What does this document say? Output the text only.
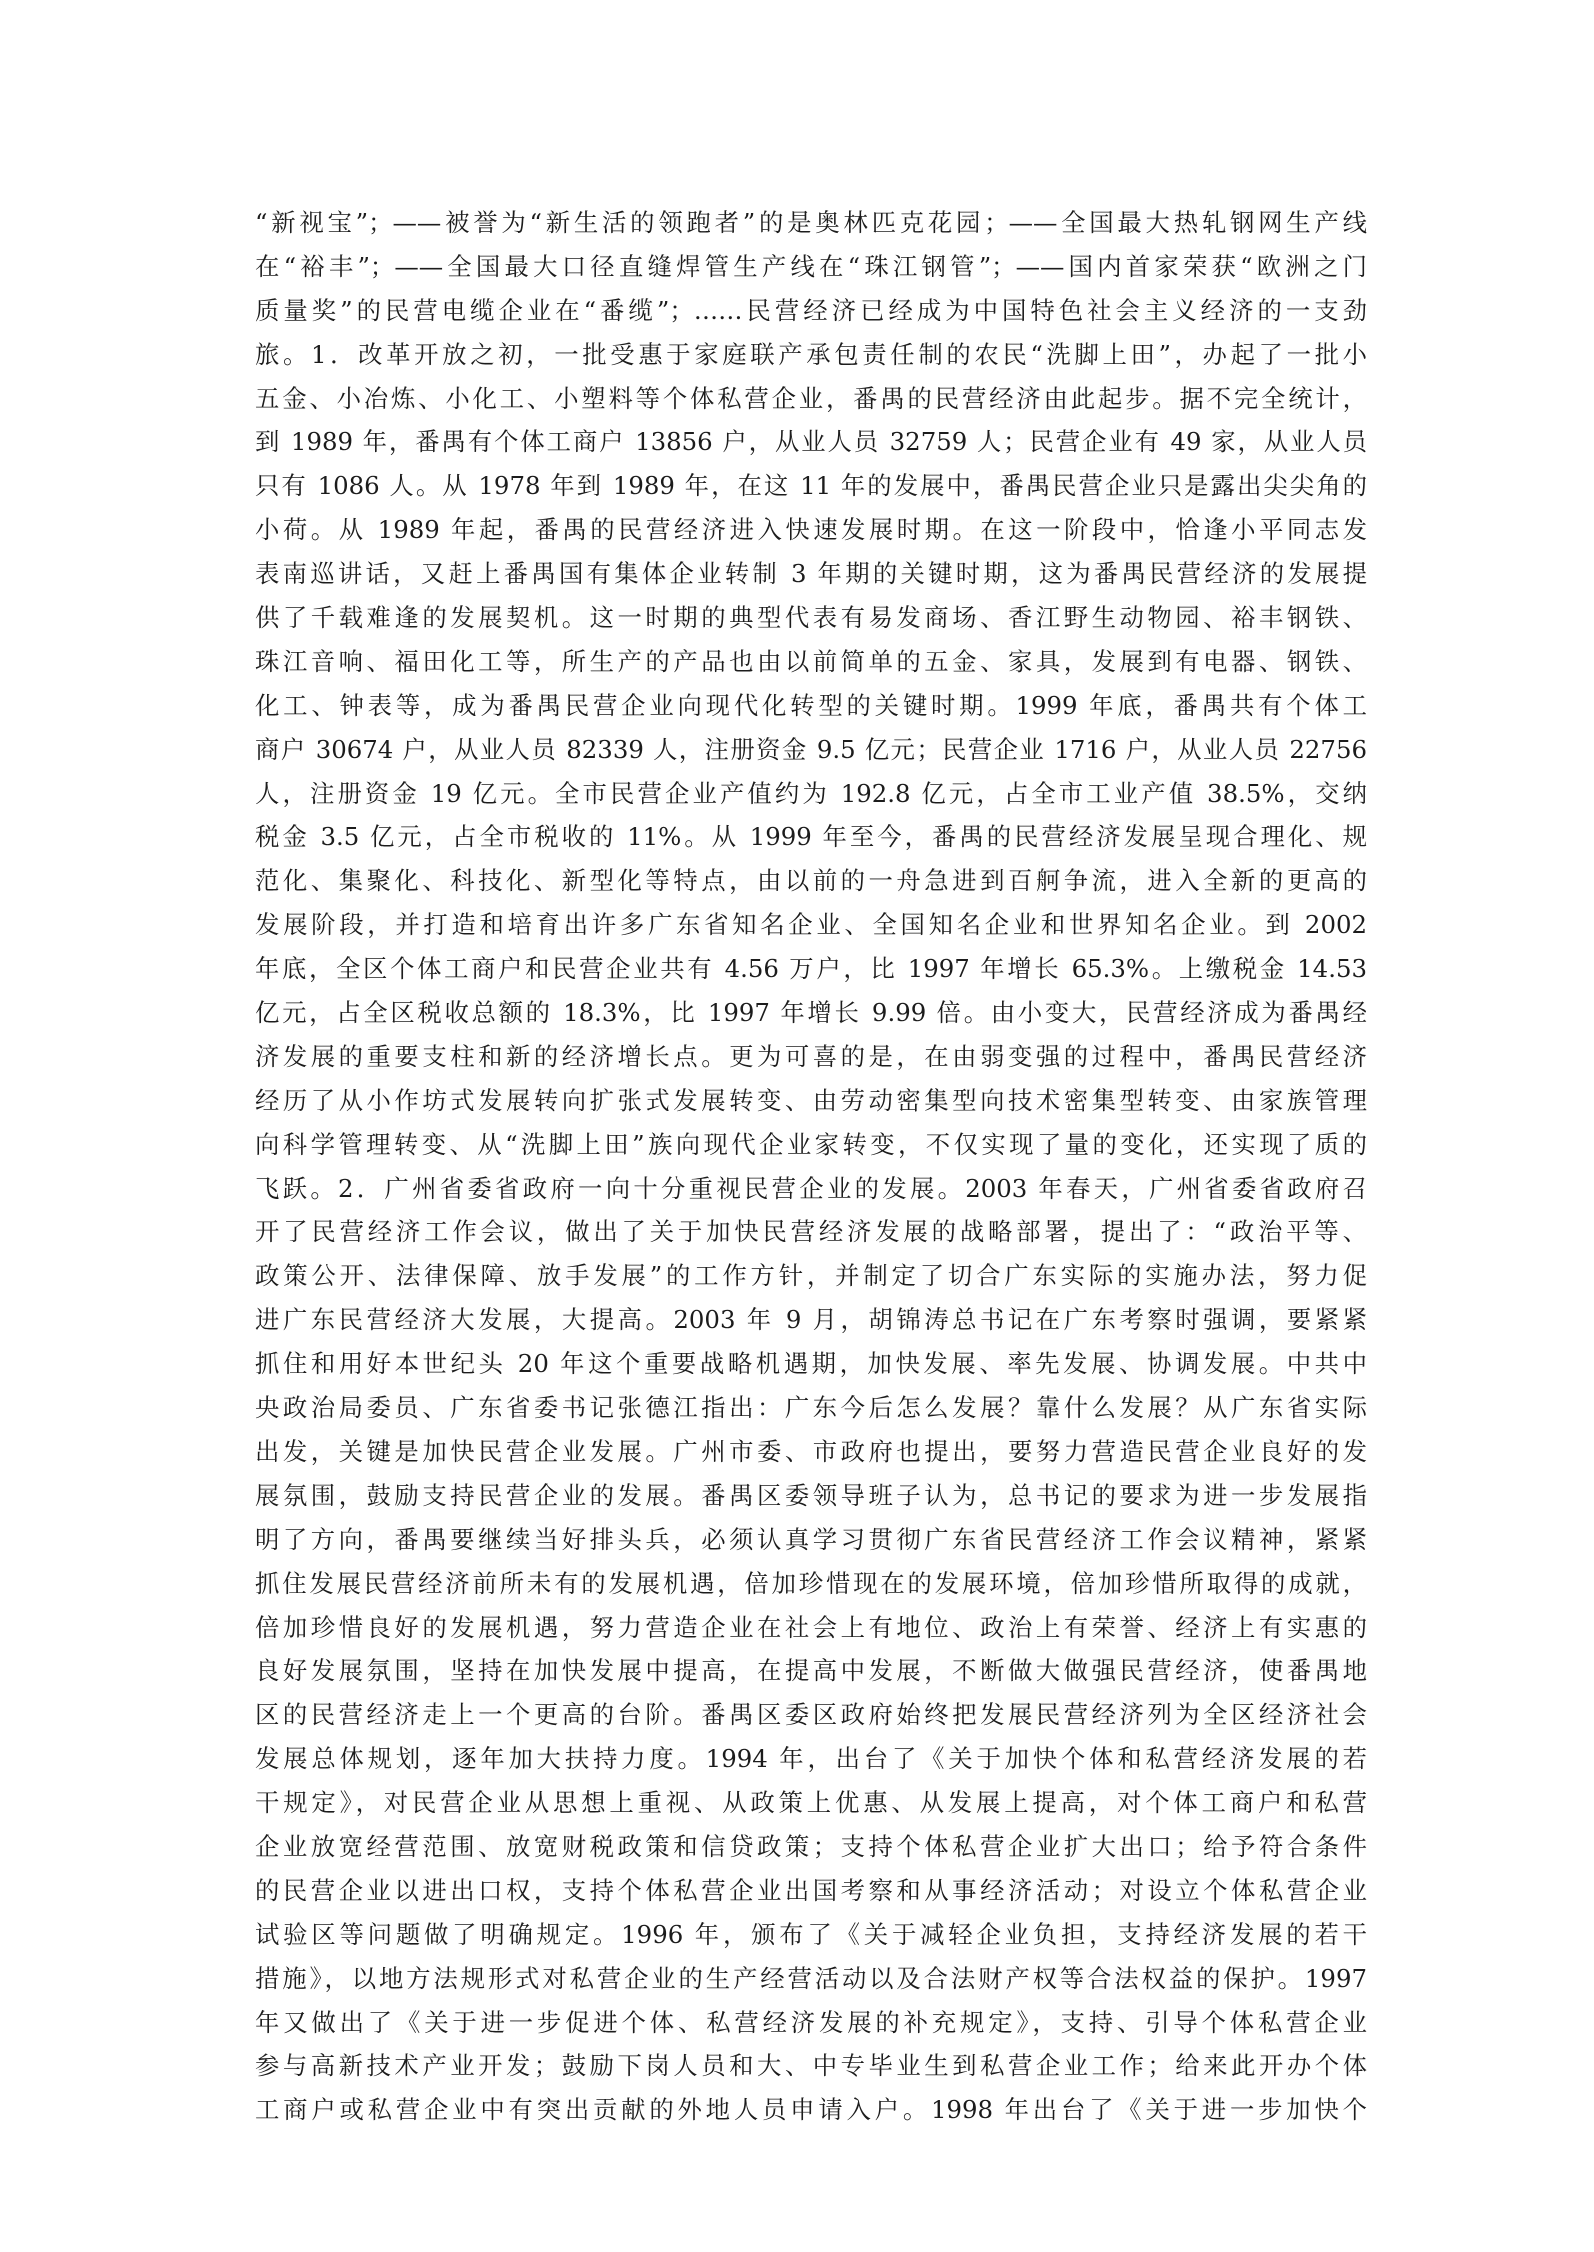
“新视宝”；——被誉为“新生活的领跑者”的是奥林匹克花园；——全国最大热轧钢网生产线

在“裕丰”；——全国最大口径直缝焊管生产线在“珠江钢管”；——国内首家荣获“欧洲之门

质量奖”的民营电缆企业在“番缆”；……民营经济已经成为中国特色社会主义经济的一支劲

旅。1．改革开放之初，一批受惠于家庭联产承包责任制的农民“洗脚上田”，办起了一批小

五金、小冶炼、小化工、小塑料等个体私营企业，番禺的民营经济由此起步。据不完全统计，

到 1989 年，番禺有个体工商户 13856 户，从业人员 32759 人；民营企业有 49 家，从业人员

只有 1086 人。从 1978 年到 1989 年，在这 11 年的发展中，番禺民营企业只是露出尖尖角的

小荷。从 1989 年起，番禺的民营经济进入快速发展时期。在这一阶段中，恰逢小平同志发

表南巡讲话，又赶上番禺国有集体企业转制 3 年期的关键时期，这为番禺民营经济的发展提

供了千载难逢的发展契机。这一时期的典型代表有易发商场、香江野生动物园、裕丰钢铁、

珠江音响、福田化工等，所生产的产品也由以前简单的五金、家具，发展到有电器、钢铁、

化工、钟表等，成为番禺民营企业向现代化转型的关键时期。1999 年底，番禺共有个体工

商户 30674 户，从业人员 82339 人，注册资金 9.5 亿元；民营企业 1716 户，从业人员 22756

人，注册资金 19 亿元。全市民营企业产值约为 192.8 亿元，占全市工业产值 38.5%，交纳

税金 3.5 亿元，占全市税收的 11%。从 1999 年至今，番禺的民营经济发展呈现合理化、规

范化、集聚化、科技化、新型化等特点，由以前的一舟急进到百舸争流，进入全新的更高的

发展阶段，并打造和培育出许多广东省知名企业、全国知名企业和世界知名企业。到 2002

年底，全区个体工商户和民营企业共有 4.56 万户，比 1997 年增长 65.3%。上缴税金 14.53

亿元，占全区税收总额的 18.3%，比 1997 年增长 9.99 倍。由小变大，民营经济成为番禺经

济发展的重要支柱和新的经济增长点。更为可喜的是，在由弱变强的过程中，番禺民营经济

经历了从小作坊式发展转向扩张式发展转变、由劳动密集型向技术密集型转变、由家族管理

向科学管理转变、从“洗脚上田”族向现代企业家转变，不仅实现了量的变化，还实现了质的

飞跃。2．广州省委省政府一向十分重视民营企业的发展。2003 年春天，广州省委省政府召

开了民营经济工作会议，做出了关于加快民营经济发展的战略部署，提出了：“政治平等、

政策公开、法律保障、放手发展”的工作方针，并制定了切合广东实际的实施办法，努力促

进广东民营经济大发展，大提高。2003 年 9 月，胡锦涛总书记在广东考察时强调，要紧紧

抓住和用好本世纪头 20 年这个重要战略机遇期，加快发展、率先发展、协调发展。中共中

央政治局委员、广东省委书记张德江指出：广东今后怎么发展？靠什么发展？从广东省实际

出发，关键是加快民营企业发展。广州市委、市政府也提出，要努力营造民营企业良好的发

展氛围，鼓励支持民营企业的发展。番禺区委领导班子认为，总书记的要求为进一步发展指

明了方向，番禺要继续当好排头兵，必须认真学习贯彻广东省民营经济工作会议精神，紧紧

抓住发展民营经济前所未有的发展机遇，倍加珍惜现在的发展环境，倍加珍惜所取得的成就，

倍加珍惜良好的发展机遇，努力营造企业在社会上有地位、政治上有荣誉、经济上有实惠的

良好发展氛围，坚持在加快发展中提高，在提高中发展，不断做大做强民营经济，使番禺地

区的民营经济走上一个更高的台阶。番禺区委区政府始终把发展民营经济列为全区经济社会

发展总体规划，逐年加大扶持力度。1994 年，出台了《关于加快个体和私营经济发展的若

干规定》，对民营企业从思想上重视、从政策上优惠、从发展上提高，对个体工商户和私营

企业放宽经营范围、放宽财税政策和信贷政策；支持个体私营企业扩大出口；给予符合条件

的民营企业以进出口权，支持个体私营企业出国考察和从事经济活动；对设立个体私营企业

试验区等问题做了明确规定。1996 年，颁布了《关于减轻企业负担，支持经济发展的若干

措施》，以地方法规形式对私营企业的生产经营活动以及合法财产权等合法权益的保护。1997

年又做出了《关于进一步促进个体、私营经济发展的补充规定》，支持、引导个体私营企业

参与高新技术产业开发；鼓励下岗人员和大、中专毕业生到私营企业工作；给来此开办个体

工商户或私营企业中有突出贡献的外地人员申请入户。1998 年出台了《关于进一步加快个
